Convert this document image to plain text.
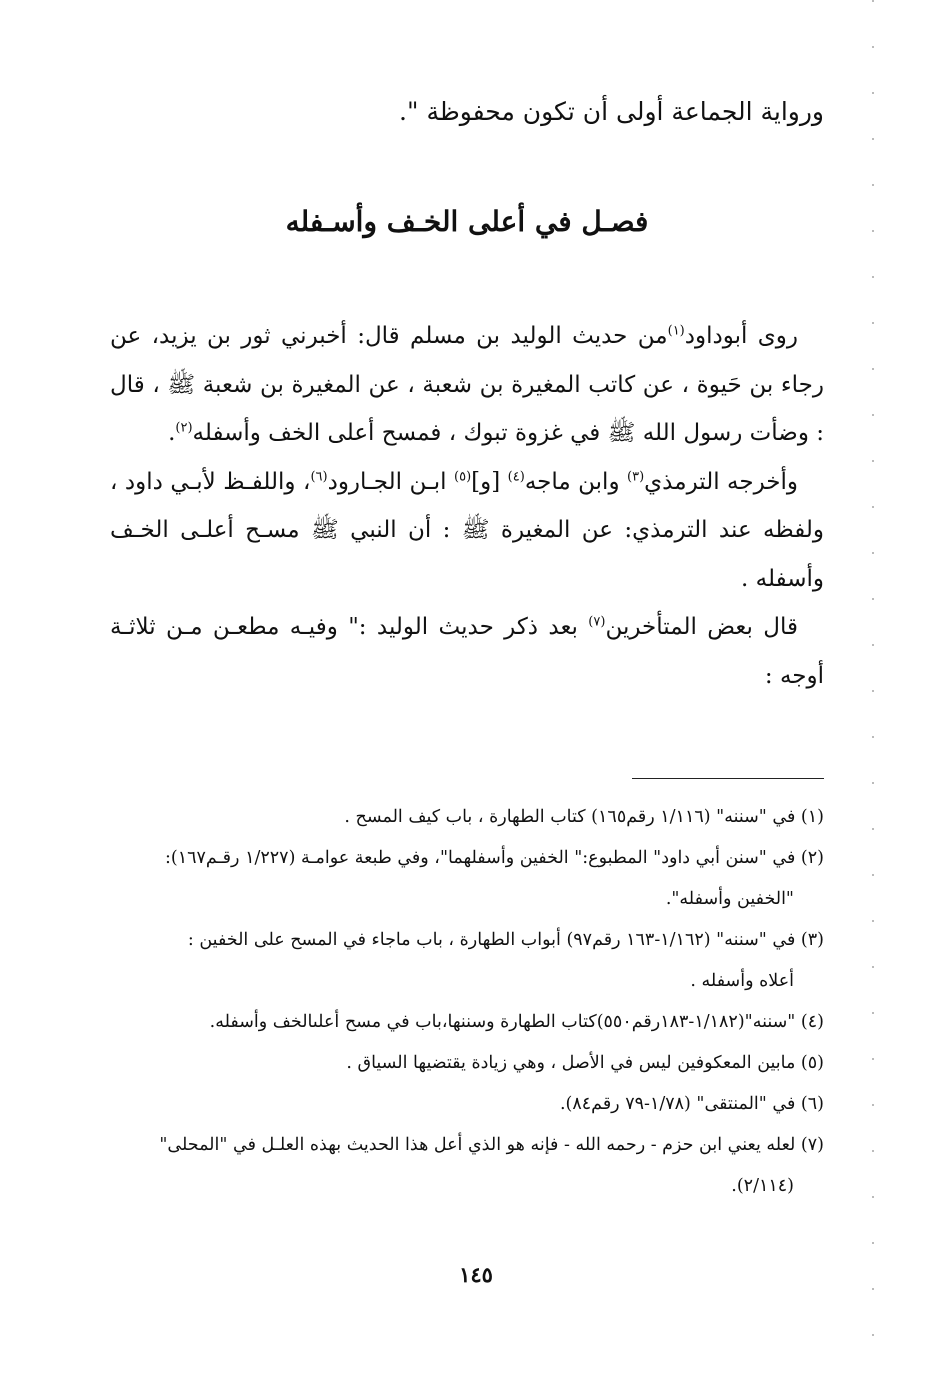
ورواية الجماعة أولى أن تكون محفوظة ".
فصـل في أعلى الخـف وأسـفله

روى أبوداود$^{(١)}$من حديث الوليد بن مسلم قال: أخبرني ثور بن يزيد، عن رجاء بن حَيوة ، عن كاتب المغيرة بن شعبة ، عن المغيرة بن شعبة ﷺ ، قال : وضأت رسول الله ﷺ في غزوة تبوك ، فمسح أعلى الخف وأسفله$^{(٢)}$.

وأخرجه الترمذي$^{(٣)}$ وابن ماجه$^{(٤)}$ [و]$^{(٥)}$ ابـن الجـارود$^{(٦)}$، واللفـظ لأبـي داود ، ولفظه عند الترمذي: عن المغيرة ﷺ : أن النبي ﷺ مسـح أعلـى الخـف وأسفله .

قال بعض المتأخرين$^{(٧)}$ بعد ذكر حديث الوليد :" وفيـه مطعـن مـن ثلاثـة أوجه :

(١) في "سننه" (١/١١٦ رقم١٦٥) كتاب الطهارة ، باب كيف المسح .
(٢) في "سنن أبي داود" المطبوع:" الخفين وأسفلهما"، وفي طبعة عوامـة (١/٢٢٧ رقـم١٦٧):
"الخفين وأسفله".
(٣) في "سننه" (١/١٦٢-١٦٣ رقم٩٧) أبواب الطهارة ، باب ماجاء في المسح على الخفين :
أعلاه وأسفله .
(٤) "سننه"(١/١٨٢-١٨٣رقم٥٥٠)كتاب الطهارة وسننها،باب في مسح أعلىالخف وأسفله.
(٥) مابين المعكوفين ليس في الأصل ، وهي زيادة يقتضيها السياق .
(٦) في "المنتقى" (١/٧٨-٧٩ رقم٨٤).
(٧) لعله يعني ابن حزم - رحمه الله - فإنه هو الذي أعل هذا الحديث بهذه العلـل في "المحلى"
(٢/١١٤).
١٤٥
